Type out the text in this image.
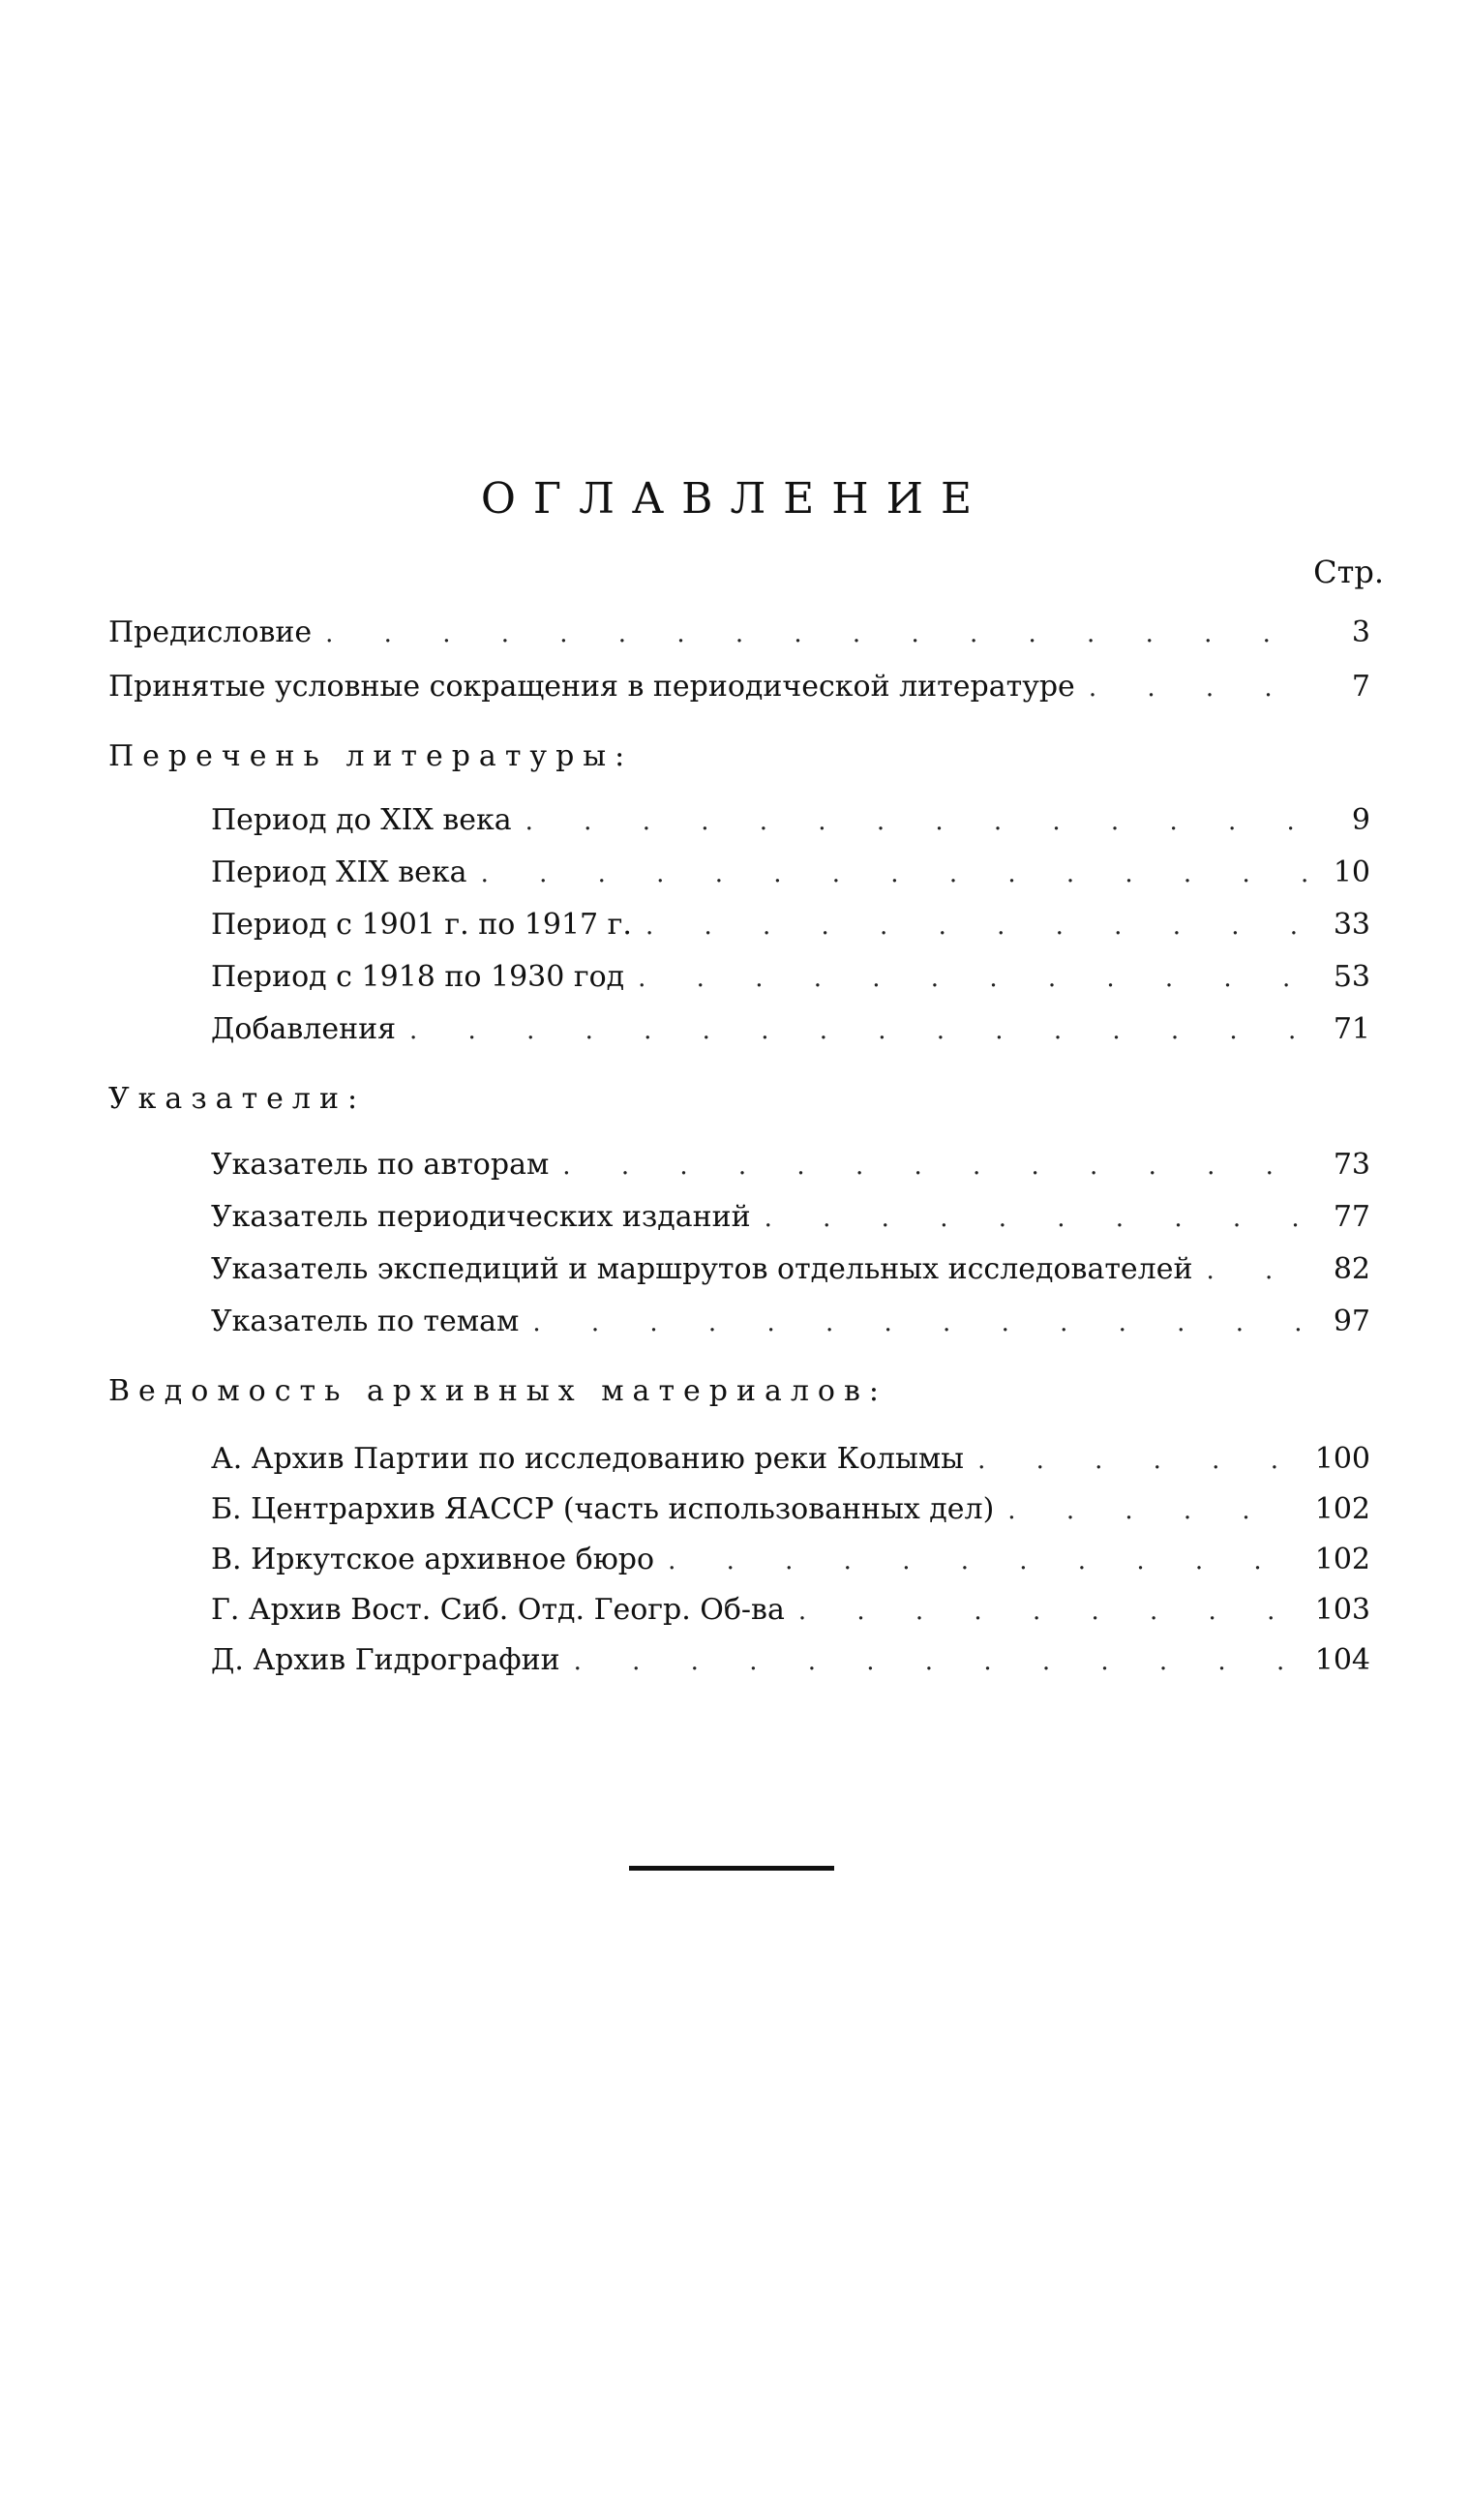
ОГЛАВЛЕНИЕ
Стр.
Предисловие . . .	3
Принятые условные сокращения в периодической литературе . . .	7
Перечень литературы:
Период до XIX века . . .	9
Период XIX века . . .	10
Период с 1901 г. по 1917 г. . . .	33
Период с 1918 по 1930 год . . .	53
Добавления . . .	71
Указатели:
Указатель по авторам . . .	73
Указатель периодических изданий . . .	77
Указатель экспедиций и маршрутов отдельных исследователей . . .	82
Указатель по темам . . .	97
Ведомость архивных материалов:
А. Архив Партии по исследованию реки Колымы . . .	100
Б. Центрархив ЯАССР (часть использованных дел) . . .	102
В. Иркутское архивное бюро . . .	102
Г. Архив Вост. Сиб. Отд. Геогр. Об-ва . . .	103
Д. Архив Гидрографии . . .	104
